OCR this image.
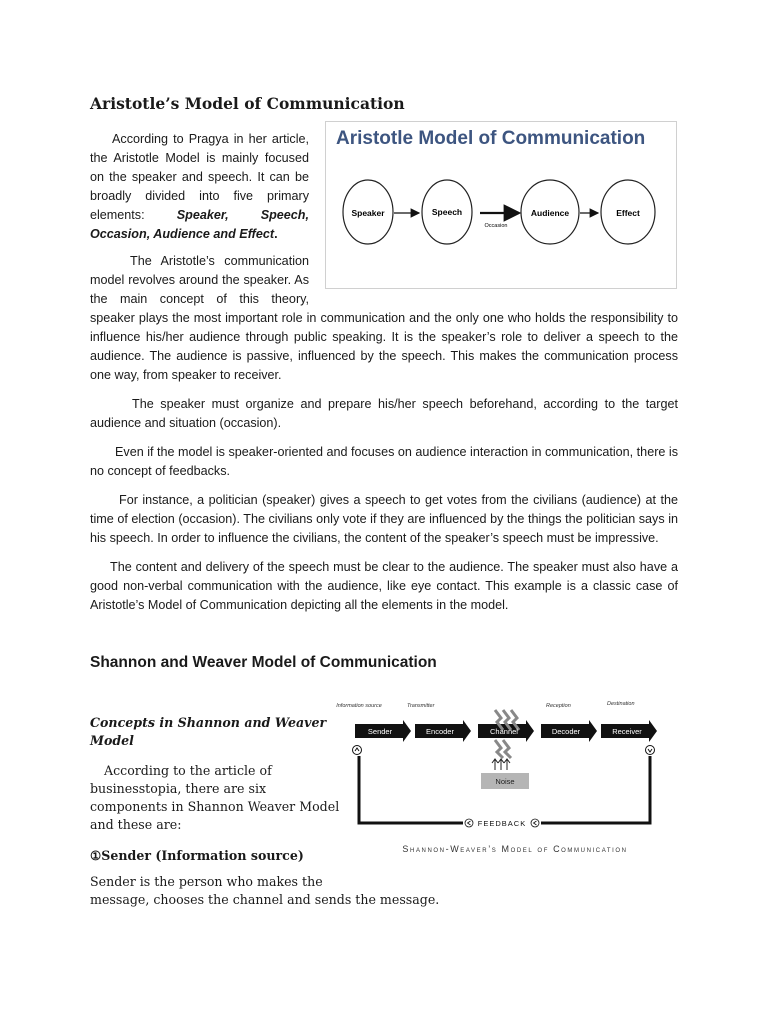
Aristotle’s Model of Communication

According to Pragya in her article, the Aristotle Model is mainly focused on the speaker and speech. It can be broadly divided into five primary elements: Speaker, Speech, Occasion, Audience and Effect.

Aristotle Model of Communication
Speaker	Speech	Audience	Effect
Occasion

The Aristotle’s communication model revolves around the speaker. As the main concept of this theory, speaker plays the most important role in communication and the only one who holds the responsibility to influence his/her audience through public speaking. It is the speaker’s role to deliver a speech to the audience. The audience is passive, influenced by the speech. This makes the communication process one way, from speaker to receiver.

The speaker must organize and prepare his/her speech beforehand, according to the target audience and situation (occasion).

Even if the model is speaker-oriented and focuses on audience interaction in communication, there is no concept of feedbacks.

For instance, a politician (speaker) gives a speech to get votes from the civilians (audience) at the time of election (occasion). The civilians only vote if they are influenced by the things the politician says in his speech. In order to influence the civilians, the content of the speaker’s speech must be impressive.

The content and delivery of the speech must be clear to the audience. The speaker must also have a good non-verbal communication with the audience, like eye contact. This example is a classic case of Aristotle’s Model of Communication depicting all the elements in the model.

Shannon and Weaver Model of Communication

Concepts in Shannon and Weaver Model

According to the article of businesstopia, there are six components in Shannon Weaver Model and these are:

①Sender (Information source)

Sender is the person who makes the
message, chooses the channel and sends the message.
Information source	Transmitter	Reception	Destination
Sender	Encoder	Channel	Decoder	Receiver
Noise
FEEDBACK
Shannon-Weaver’s Model of Communication
